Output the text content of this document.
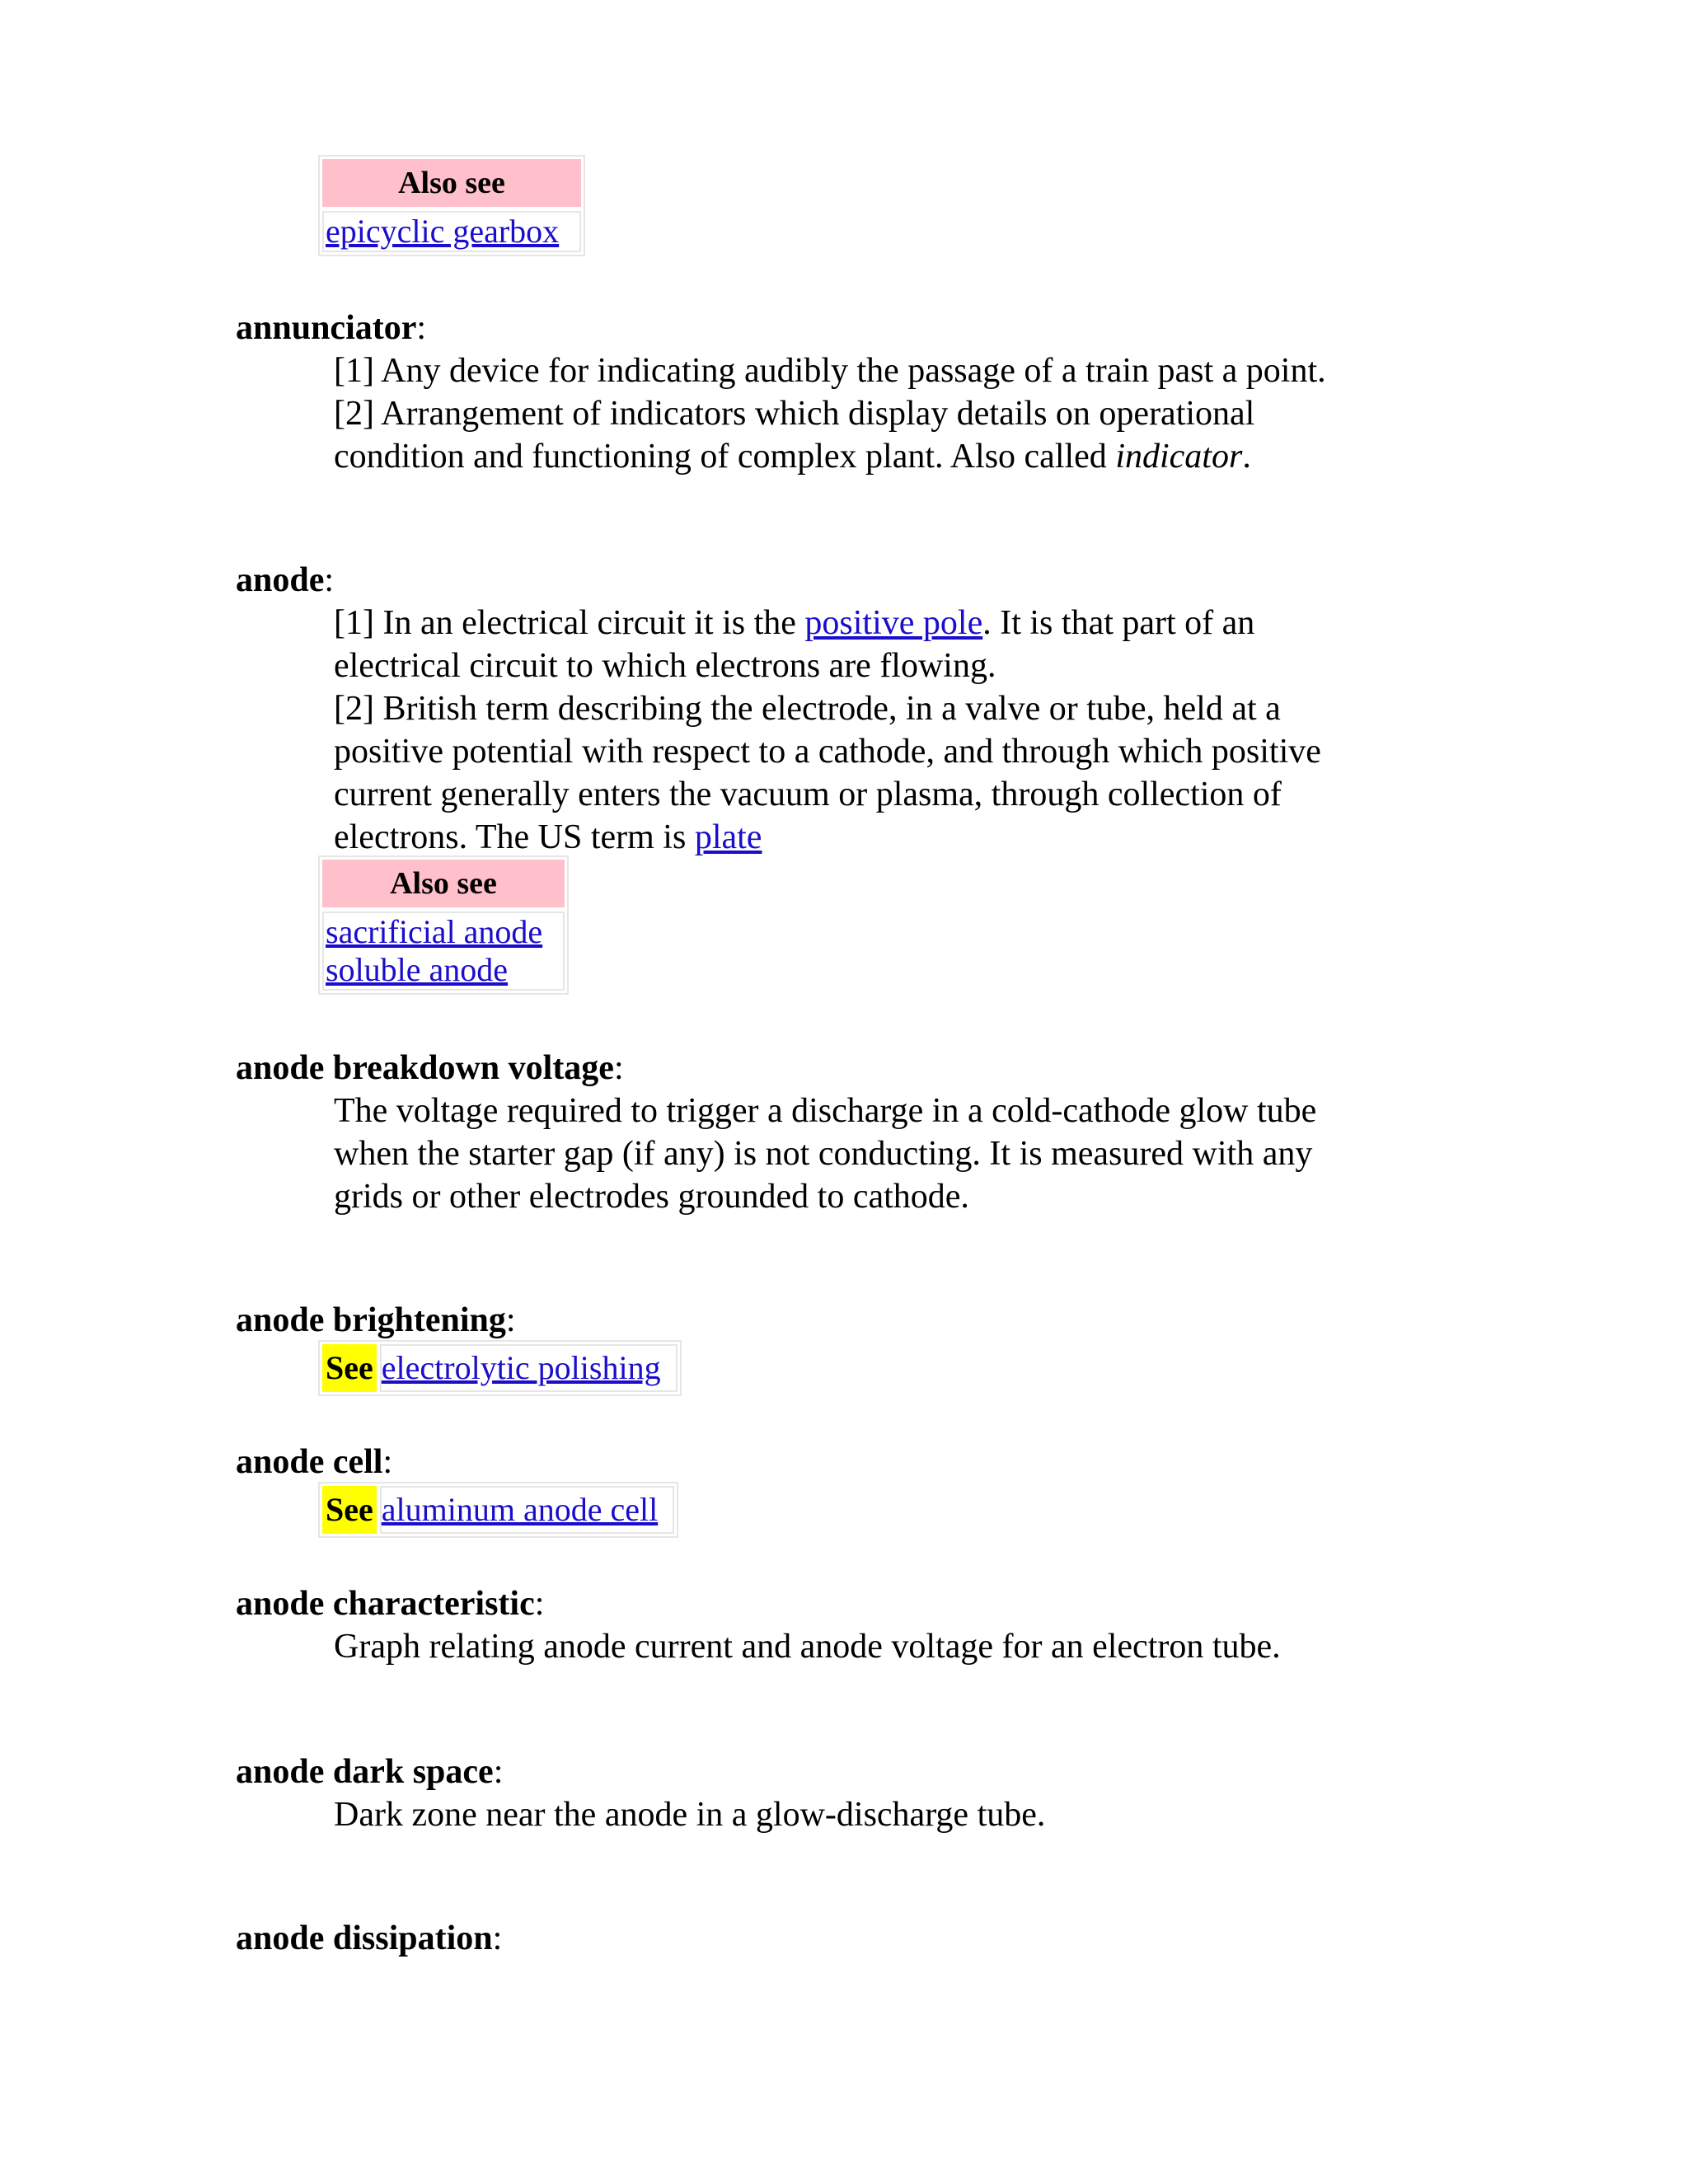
Also see
epicyclic gearbox
annunciator:
[1] Any device for indicating audibly the passage of a train past a point.
[2] Arrangement of indicators which display details on operational
condition and functioning of complex plant. Also called indicator.
anode:
[1] In an electrical circuit it is the positive pole. It is that part of an
electrical circuit to which electrons are flowing.
[2] British term describing the electrode, in a valve or tube, held at a
positive potential with respect to a cathode, and through which positive
current generally enters the vacuum or plasma, through collection of
electrons. The US term is plate
Also see
sacrificial anode
soluble anode
anode breakdown voltage:
The voltage required to trigger a discharge in a cold-cathode glow tube
when the starter gap (if any) is not conducting. It is measured with any
grids or other electrodes grounded to cathode.
anode brightening:
See electrolytic polishing
anode cell:
See aluminum anode cell
anode characteristic:
Graph relating anode current and anode voltage for an electron tube.
anode dark space:
Dark zone near the anode in a glow-discharge tube.
anode dissipation:
